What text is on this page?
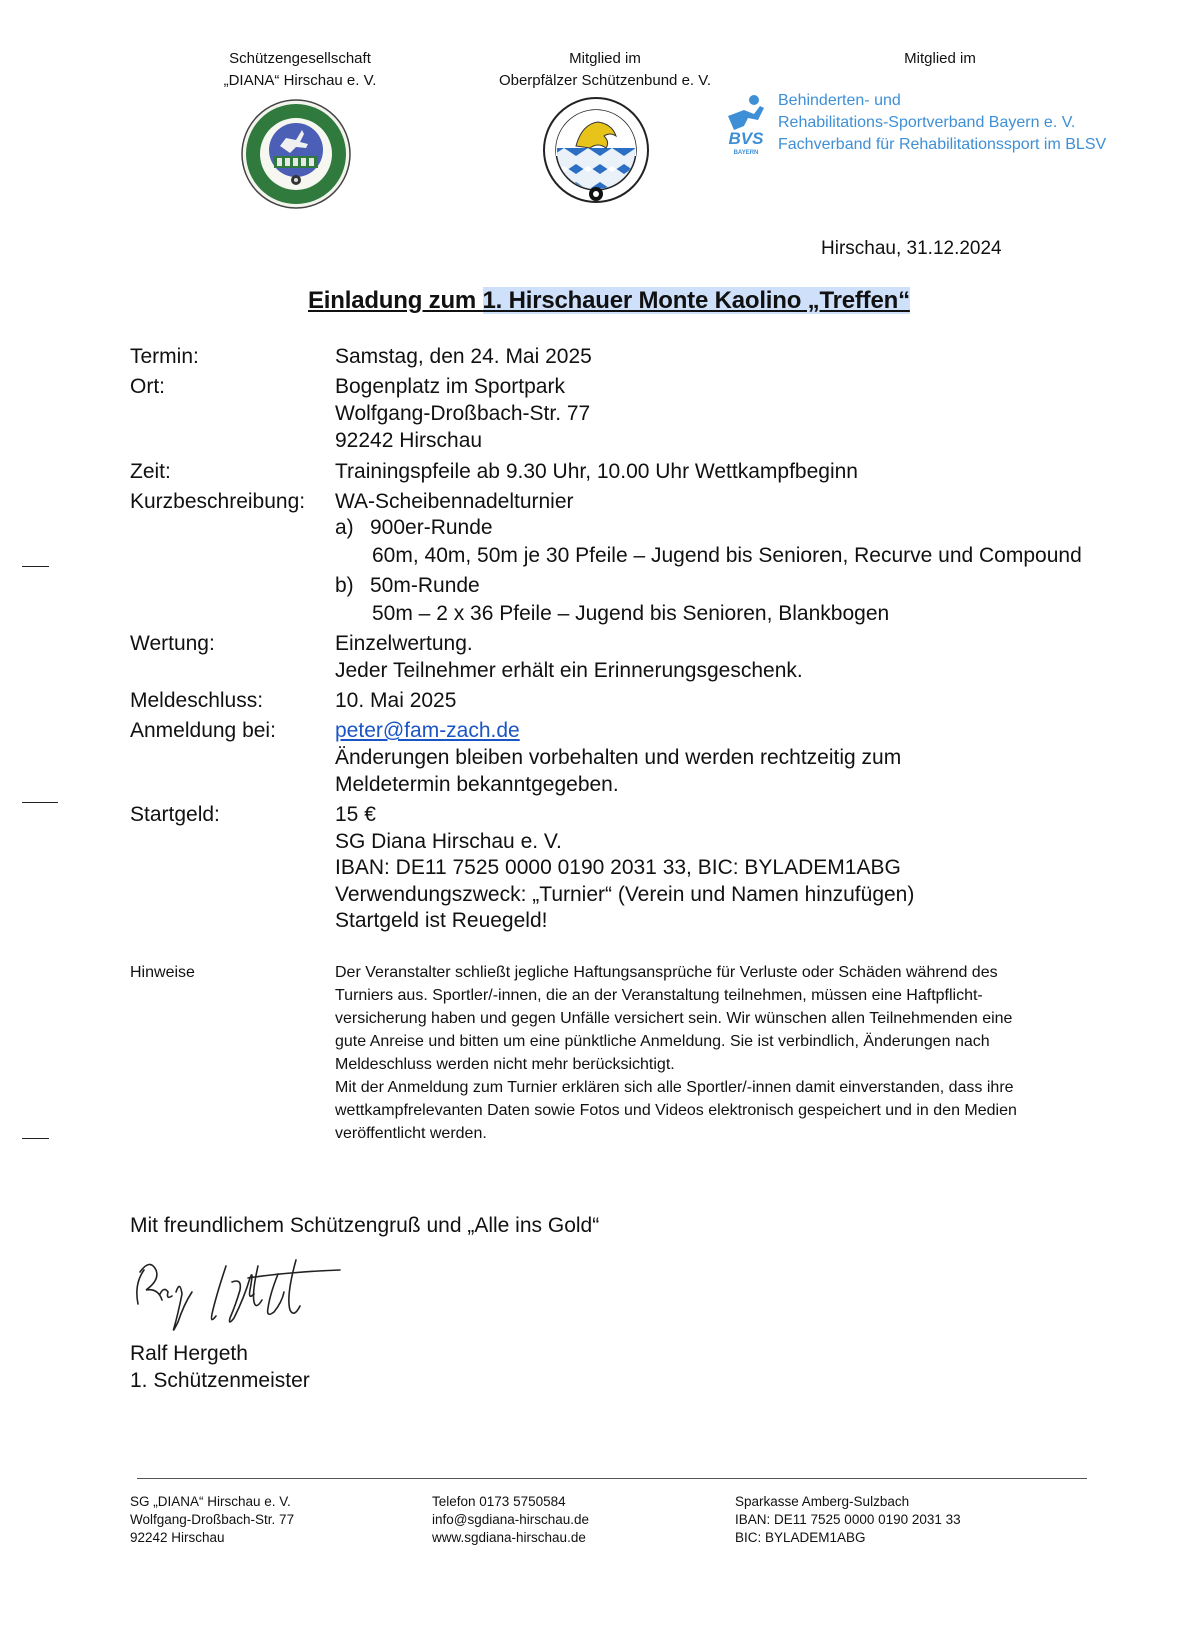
Schützengesellschaft
„DIANA“ Hirschau e. V.
Mitglied im
Oberpfälzer Schützenbund e. V.
Mitglied im
BVS
BAYERN
Behinderten- und
Rehabilitations-Sportverband Bayern e. V.
Fachverband für Rehabilitationssport im BLSV
Hirschau, 31.12.2024
Einladung zum 1. Hirschauer Monte Kaolino „Treffen“
Termin:	Samstag, den 24. Mai 2025
Ort:	Bogenplatz im Sportpark
Wolfgang-Droßbach-Str. 77
92242 Hirschau
Zeit:	Trainingspfeile ab 9.30 Uhr, 10.00 Uhr Wettkampfbeginn
Kurzbeschreibung: WA-Scheibennadelturnier
a) 900er-Runde
60m, 40m, 50m je 30 Pfeile – Jugend bis Senioren, Recurve und Compound
b) 50m-Runde
50m – 2 x 36 Pfeile – Jugend bis Senioren, Blankbogen
Wertung:	Einzelwertung.
Jeder Teilnehmer erhält ein Erinnerungsgeschenk.
Meldeschluss:	10. Mai 2025
Anmeldung bei:	peter@fam-zach.de
Änderungen bleiben vorbehalten und werden rechtzeitig zum
Meldetermin bekanntgegeben.
Startgeld:	15 €
SG Diana Hirschau e. V.
IBAN: DE11 7525 0000 0190 2031 33, BIC: BYLADEM1ABG
Verwendungszweck: „Turnier“ (Verein und Namen hinzufügen)
Startgeld ist Reuegeld!
Hinweise	Der Veranstalter schließt jegliche Haftungsansprüche für Verluste oder Schäden während des
Turniers aus. Sportler/-innen, die an der Veranstaltung teilnehmen, müssen eine Haftpflicht-
versicherung haben und gegen Unfälle versichert sein. Wir wünschen allen Teilnehmenden eine
gute Anreise und bitten um eine pünktliche Anmeldung. Sie ist verbindlich, Änderungen nach
Meldeschluss werden nicht mehr berücksichtigt.
Mit der Anmeldung zum Turnier erklären sich alle Sportler/-innen damit einverstanden, dass ihre
wettkampfrelevanten Daten sowie Fotos und Videos elektronisch gespeichert und in den Medien
veröffentlicht werden.
Mit freundlichem Schützengruß und „Alle ins Gold“
Ralf Hergeth
1. Schützenmeister
SG „DIANA“ Hirschau e. V.
Wolfgang-Droßbach-Str. 77
92242 Hirschau
Telefon 0173 5750584
info@sgdiana-hirschau.de
www.sgdiana-hirschau.de
Sparkasse Amberg-Sulzbach
IBAN: DE11 7525 0000 0190 2031 33
BIC: BYLADEM1ABG
